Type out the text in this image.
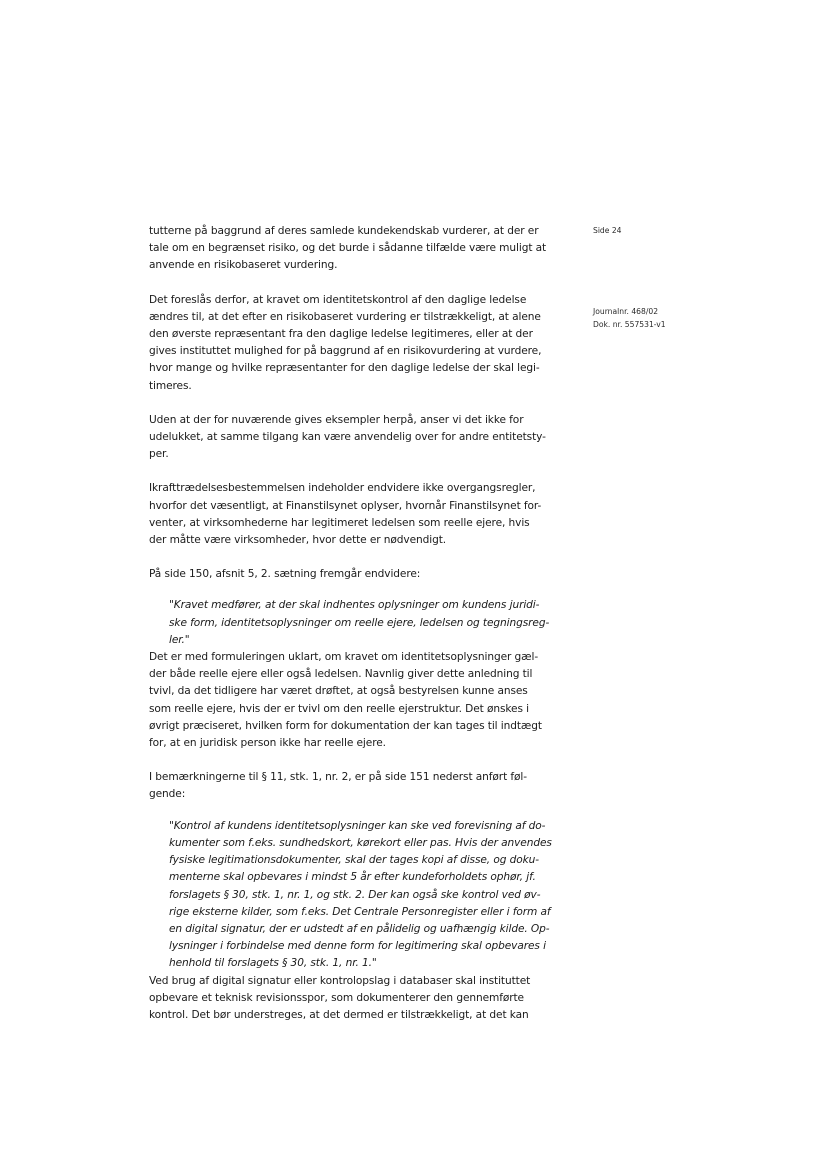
Side 24
Journalnr. 468/02
Dok. nr. 557531-v1

tutterne på baggrund af deres samlede kundekendskab vurderer, at der er
tale om en begrænset risiko, og det burde i sådanne tilfælde være muligt at
anvende en risikobaseret vurdering.

Det foreslås derfor, at kravet om identitetskontrol af den daglige ledelse
ændres til, at det efter en risikobaseret vurdering er tilstrækkeligt, at alene
den øverste repræsentant fra den daglige ledelse legitimeres, eller at der
gives instituttet mulighed for på baggrund af en risikovurdering at vurdere,
hvor mange og hvilke repræsentanter for den daglige ledelse der skal legi-
timeres.

Uden at der for nuværende gives eksempler herpå, anser vi det ikke for
udelukket, at samme tilgang kan være anvendelig over for andre entitetsty-
per.

Ikrafttrædelsesbestemmelsen indeholder endvidere ikke overgangsregler,
hvorfor det væsentligt, at Finanstilsynet oplyser, hvornår Finanstilsynet for-
venter, at virksomhederne har legitimeret ledelsen som reelle ejere, hvis
der måtte være virksomheder, hvor dette er nødvendigt.

På side 150, afsnit 5, 2. sætning fremgår endvidere:

"Kravet medfører, at der skal indhentes oplysninger om kundens juridi-
ske form, identitetsoplysninger om reelle ejere, ledelsen og tegningsreg-
ler."

Det er med formuleringen uklart, om kravet om identitetsoplysninger gæl-
der både reelle ejere eller også ledelsen. Navnlig giver dette anledning til
tvivl, da det tidligere har været drøftet, at også bestyrelsen kunne anses
som reelle ejere, hvis der er tvivl om den reelle ejerstruktur. Det ønskes i
øvrigt præciseret, hvilken form for dokumentation der kan tages til indtægt
for, at en juridisk person ikke har reelle ejere.

I bemærkningerne til § 11, stk. 1, nr. 2, er på side 151 nederst anført føl-
gende:

"Kontrol af kundens identitetsoplysninger kan ske ved forevisning af do-
kumenter som f.eks. sundhedskort, kørekort eller pas. Hvis der anvendes
fysiske legitimationsdokumenter, skal der tages kopi af disse, og doku-
menterne skal opbevares i mindst 5 år efter kundeforholdets ophør, jf.
forslagets § 30, stk. 1, nr. 1, og stk. 2. Der kan også ske kontrol ved øv-
rige eksterne kilder, som f.eks. Det Centrale Personregister eller i form af
en digital signatur, der er udstedt af en pålidelig og uafhængig kilde. Op-
lysninger i forbindelse med denne form for legitimering skal opbevares i
henhold til forslagets § 30, stk. 1, nr. 1."

Ved brug af digital signatur eller kontrolopslag i databaser skal instituttet
opbevare et teknisk revisionsspor, som dokumenterer den gennemførte
kontrol. Det bør understreges, at det dermed er tilstrækkeligt, at det kan
